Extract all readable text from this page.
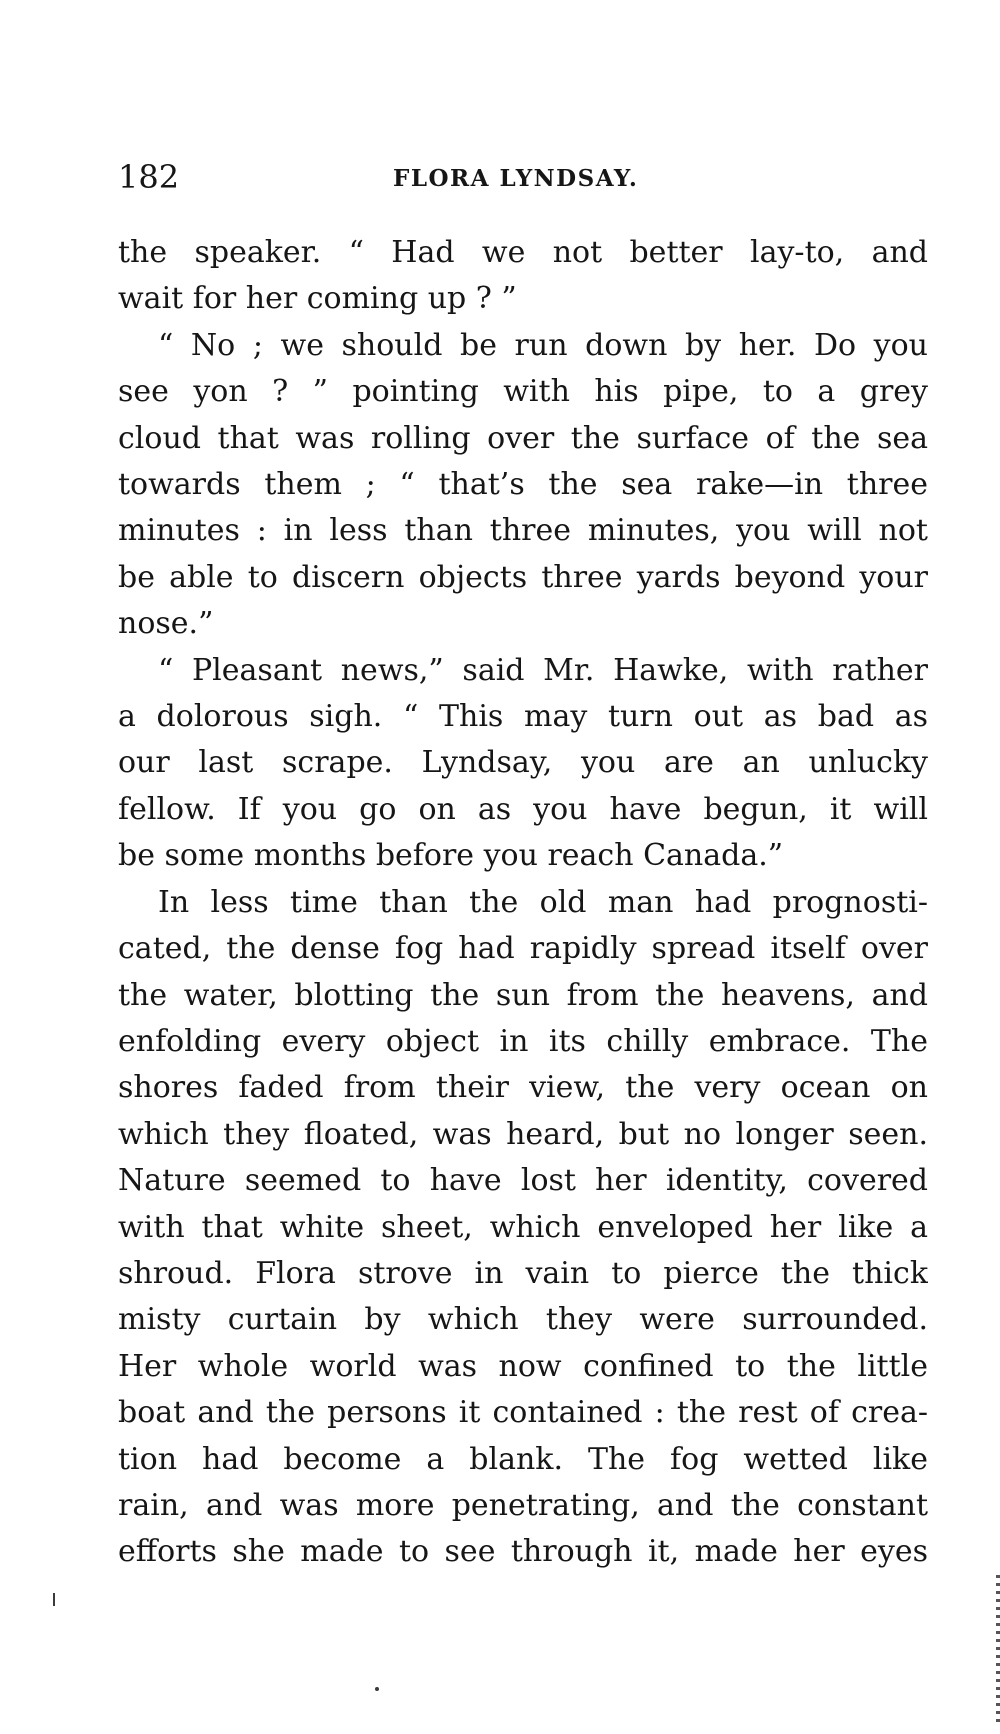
182	FLORA LYNDSAY.
the speaker. “ Had we not better lay-to, and
wait for her coming up ? ”
“ No ; we should be run down by her. Do you
see yon ? ” pointing with his pipe, to a grey
cloud that was rolling over the surface of the sea
towards them ; “ that’s the sea rake—in three
minutes : in less than three minutes, you will not
be able to discern objects three yards beyond your
nose.”
“ Pleasant news,” said Mr. Hawke, with rather
a dolorous sigh. “ This may turn out as bad as
our last scrape. Lyndsay, you are an unlucky
fellow. If you go on as you have begun, it will
be some months before you reach Canada.”
In less time than the old man had prognosti-
cated, the dense fog had rapidly spread itself over
the water, blotting the sun from the heavens, and
enfolding every object in its chilly embrace. The
shores faded from their view, the very ocean on
which they floated, was heard, but no longer seen.
Nature seemed to have lost her identity, covered
with that white sheet, which enveloped her like a
shroud. Flora strove in vain to pierce the thick
misty curtain by which they were surrounded.
Her whole world was now confined to the little
boat and the persons it contained : the rest of crea-
tion had become a blank. The fog wetted like
rain, and was more penetrating, and the constant
efforts she made to see through it, made her eyes
